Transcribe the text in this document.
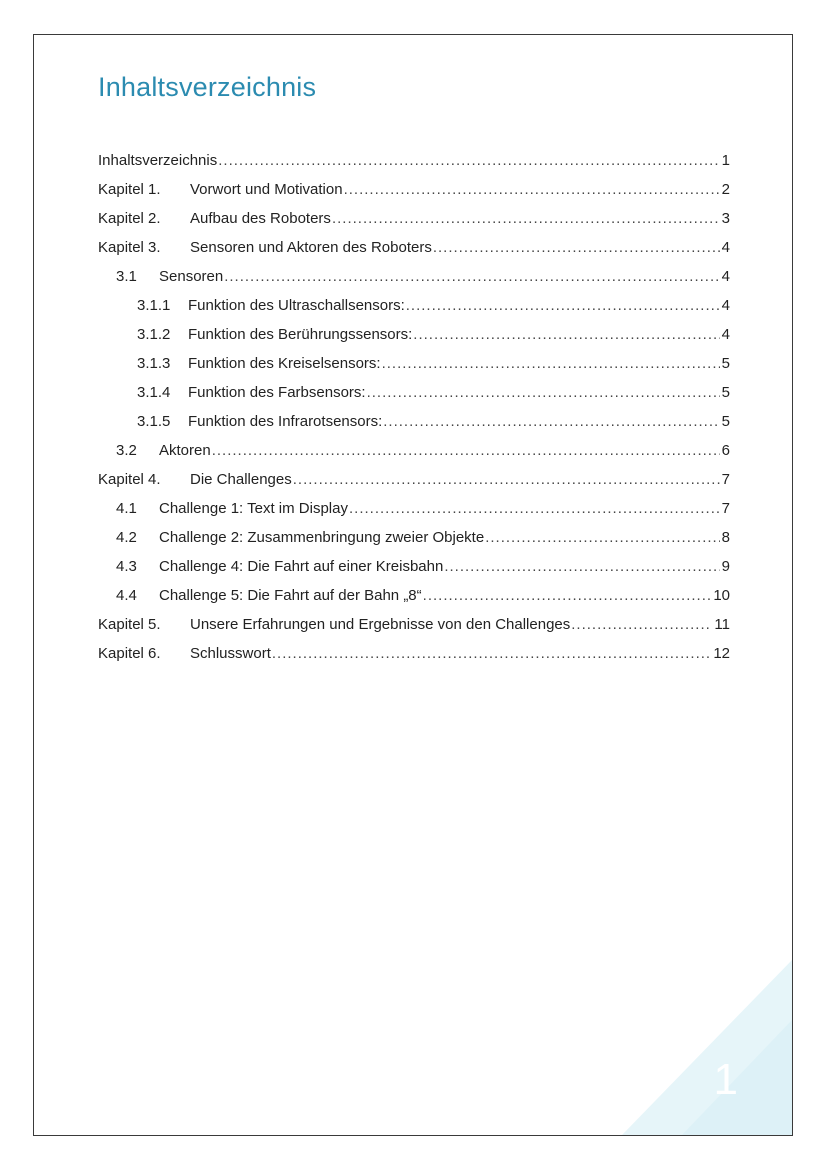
Inhaltsverzeichnis
Inhaltsverzeichnis .....	1
Kapitel 1.	Vorwort und Motivation .....	2
Kapitel 2.	Aufbau des Roboters .....	3
Kapitel 3.	Sensoren und Aktoren des Roboters .....	4
3.1	Sensoren .....	4
3.1.1	Funktion des Ultraschallsensors: .....	4
3.1.2	Funktion des Berührungssensors: .....	4
3.1.3	Funktion des Kreiselsensors: .....	5
3.1.4	Funktion des Farbsensors: .....	5
3.1.5	Funktion des Infrarotsensors: .....	5
3.2	Aktoren .....	6
Kapitel 4.	Die Challenges .....	7
4.1	Challenge 1: Text im Display .....	7
4.2	Challenge 2: Zusammenbringung zweier Objekte .....	8
4.3	Challenge 4: Die Fahrt auf einer Kreisbahn .....	9
4.4	Challenge 5: Die Fahrt auf der Bahn „8“ .....	10
Kapitel 5.	Unsere Erfahrungen und Ergebnisse von den Challenges .....	11
Kapitel 6.	Schlusswort .....	12
1
